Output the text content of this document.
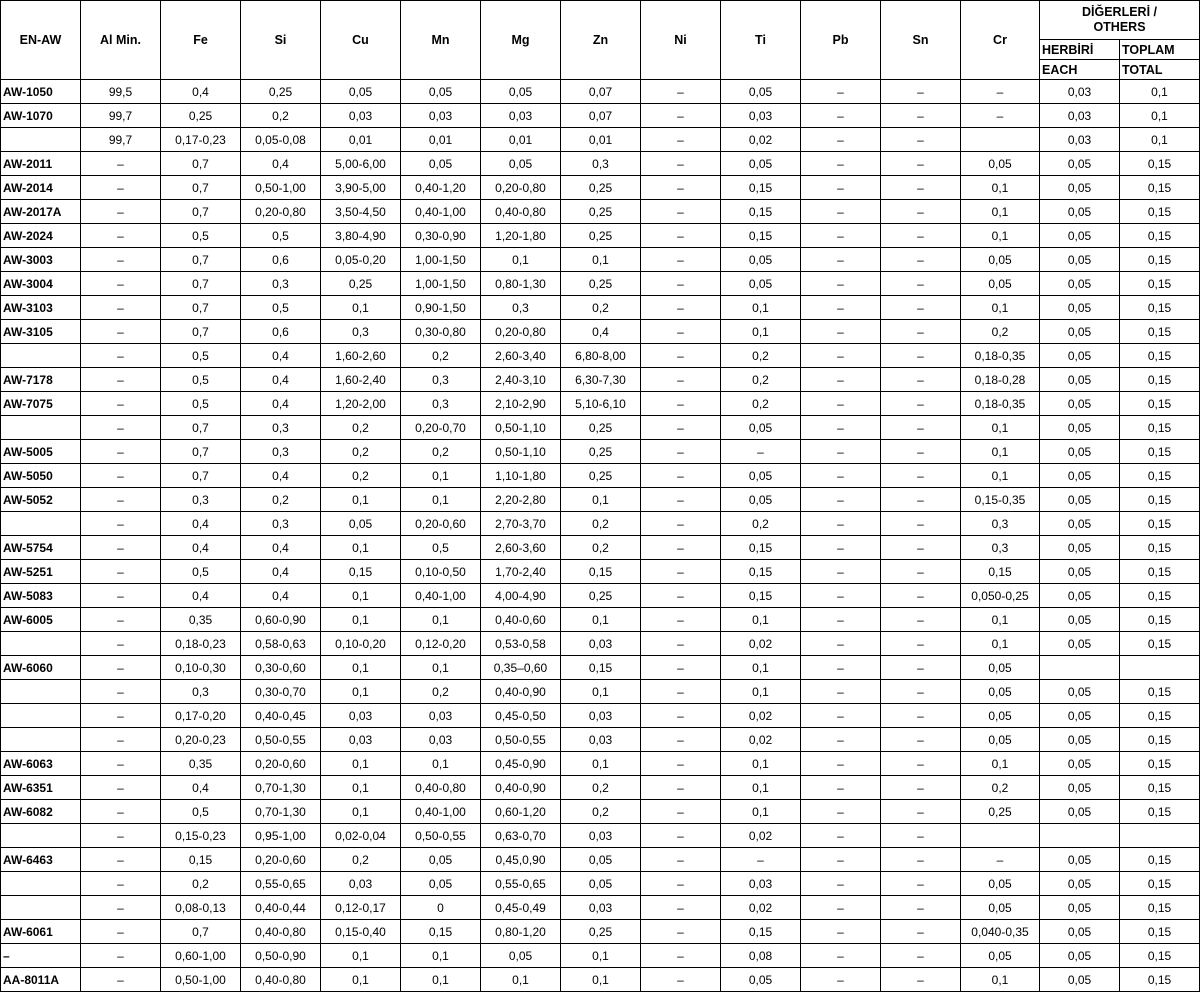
EN-AW	Al Min.	Fe	Si	Cu	Mn	Mg	Zn	Ni	Ti	Pb	Sn	Cr	DİĞERLERİ /
OTHERS	
													HERBİRİ	TOPLAM
													EACH	TOTAL
AW-1050	99,5	0,4	0,25	0,05	0,05	0,05	0,07	–	0,05	–	–	–	0,03	0,1
AW-1070	99,7	0,25	0,2	0,03	0,03	0,03	0,07	–	0,03	–	–	–	0,03	0,1
	99,7	0,17-0,23	0,05-0,08	0,01	0,01	0,01	0,01	–	0,02	–	–		0,03	0,1
AW-2011	–	0,7	0,4	5,00-6,00	0,05	0,05	0,3	–	0,05	–	–	0,05	0,05	0,15
AW-2014	–	0,7	0,50-1,00	3,90-5,00	0,40-1,20	0,20-0,80	0,25	–	0,15	–	–	0,1	0,05	0,15
AW-2017A	–	0,7	0,20-0,80	3,50-4,50	0,40-1,00	0,40-0,80	0,25	–	0,15	–	–	0,1	0,05	0,15
AW-2024	–	0,5	0,5	3,80-4,90	0,30-0,90	1,20-1,80	0,25	–	0,15	–	–	0,1	0,05	0,15
AW-3003	–	0,7	0,6	0,05-0,20	1,00-1,50	0,1	0,1	–	0,05	–	–	0,05	0,05	0,15
AW-3004	–	0,7	0,3	0,25	1,00-1,50	0,80-1,30	0,25	–	0,05	–	–	0,05	0,05	0,15
AW-3103	–	0,7	0,5	0,1	0,90-1,50	0,3	0,2	–	0,1	–	–	0,1	0,05	0,15
AW-3105	–	0,7	0,6	0,3	0,30-0,80	0,20-0,80	0,4	–	0,1	–	–	0,2	0,05	0,15
	–	0,5	0,4	1,60-2,60	0,2	2,60-3,40	6,80-8,00	–	0,2	–	–	0,18-0,35	0,05	0,15
AW-7178	–	0,5	0,4	1,60-2,40	0,3	2,40-3,10	6,30-7,30	–	0,2	–	–	0,18-0,28	0,05	0,15
AW-7075	–	0,5	0,4	1,20-2,00	0,3	2,10-2,90	5,10-6,10	–	0,2	–	–	0,18-0,35	0,05	0,15
	–	0,7	0,3	0,2	0,20-0,70	0,50-1,10	0,25	–	0,05	–	–	0,1	0,05	0,15
AW-5005	–	0,7	0,3	0,2	0,2	0,50-1,10	0,25	–	–	–	–	0,1	0,05	0,15
AW-5050	–	0,7	0,4	0,2	0,1	1,10-1,80	0,25	–	0,05	–	–	0,1	0,05	0,15
AW-5052	–	0,3	0,2	0,1	0,1	2,20-2,80	0,1	–	0,05	–	–	0,15-0,35	0,05	0,15
	–	0,4	0,3	0,05	0,20-0,60	2,70-3,70	0,2	–	0,2	–	–	0,3	0,05	0,15
AW-5754	–	0,4	0,4	0,1	0,5	2,60-3,60	0,2	–	0,15	–	–	0,3	0,05	0,15
AW-5251	–	0,5	0,4	0,15	0,10-0,50	1,70-2,40	0,15	–	0,15	–	–	0,15	0,05	0,15
AW-5083	–	0,4	0,4	0,1	0,40-1,00	4,00-4,90	0,25	–	0,15	–	–	0,050-0,25	0,05	0,15
AW-6005	–	0,35	0,60-0,90	0,1	0,1	0,40-0,60	0,1	–	0,1	–	–	0,1	0,05	0,15
	–	0,18-0,23	0,58-0,63	0,10-0,20	0,12-0,20	0,53-0,58	0,03	–	0,02	–	–	0,1	0,05	0,15
AW-6060	–	0,10-0,30	0,30-0,60	0,1	0,1	0,35–0,60	0,15	–	0,1	–	–	0,05		
	–	0,3	0,30-0,70	0,1	0,2	0,40-0,90	0,1	–	0,1	–	–	0,05	0,05	0,15
	–	0,17-0,20	0,40-0,45	0,03	0,03	0,45-0,50	0,03	–	0,02	–	–	0,05	0,05	0,15
	–	0,20-0,23	0,50-0,55	0,03	0,03	0,50-0,55	0,03	–	0,02	–	–	0,05	0,05	0,15
AW-6063	–	0,35	0,20-0,60	0,1	0,1	0,45-0,90	0,1	–	0,1	–	–	0,1	0,05	0,15
AW-6351	–	0,4	0,70-1,30	0,1	0,40-0,80	0,40-0,90	0,2	–	0,1	–	–	0,2	0,05	0,15
AW-6082	–	0,5	0,70-1,30	0,1	0,40-1,00	0,60-1,20	0,2	–	0,1	–	–	0,25	0,05	0,15
	–	0,15-0,23	0,95-1,00	0,02-0,04	0,50-0,55	0,63-0,70	0,03	–	0,02	–	–			
AW-6463	–	0,15	0,20-0,60	0,2	0,05	0,45,0,90	0,05	–	–	–	–	–	0,05	0,15
	–	0,2	0,55-0,65	0,03	0,05	0,55-0,65	0,05	–	0,03	–	–	0,05	0,05	0,15
	–	0,08-0,13	0,40-0,44	0,12-0,17	0	0,45-0,49	0,03	–	0,02	–	–	0,05	0,05	0,15
AW-6061	–	0,7	0,40-0,80	0,15-0,40	0,15	0,80-1,20	0,25	–	0,15	–	–	0,040-0,35	0,05	0,15
–	–	0,60-1,00	0,50-0,90	0,1	0,1	0,05	0,1	–	0,08	–	–	0,05	0,05	0,15
AA-8011A	–	0,50-1,00	0,40-0,80	0,1	0,1	0,1	0,1	–	0,05	–	–	0,1	0,05	0,15
